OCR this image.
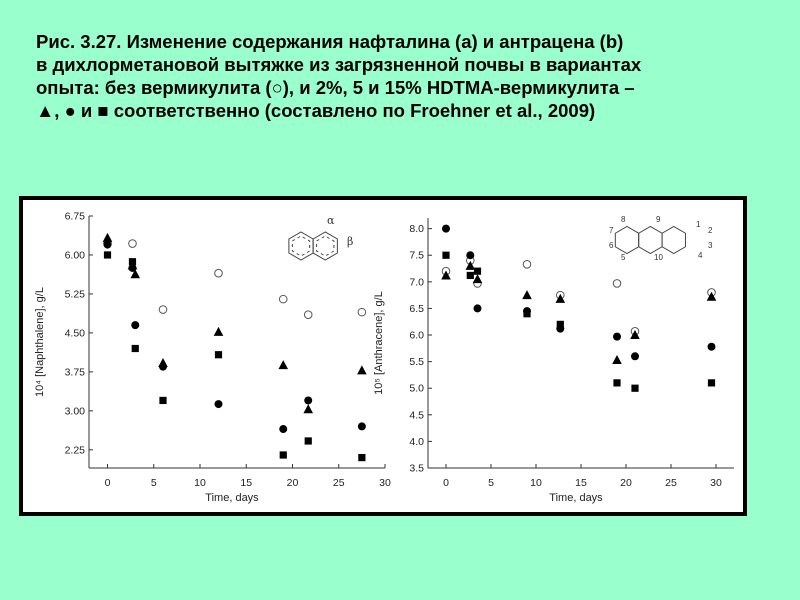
Рис. 3.27. Изменение содержания нафталина (a) и антрацена (b)
в дихлорметановой вытяжке из загрязненной почвы в вариантах
опыта: без вермикулита (○), и 2%, 5 и 15% HDTMA-вермикулита –
▲, ● и ■ соответственно (составлено по Froehner et al., 2009)
2.25
3.00
3.75
4.50
5.25
6.00
6.75
0	5	10	15	20	25	30
Time, days
10⁴ [Naphthalene], g/L
3.5
4.0
4.5
5.0
5.5
6.0
6.5
7.0
7.5
8.0
0	5	10	15	20	25	30
Time, days
10⁵ [Anthracene], g/L
α
β
8	9
1
7	2
6	3
5	10	4
